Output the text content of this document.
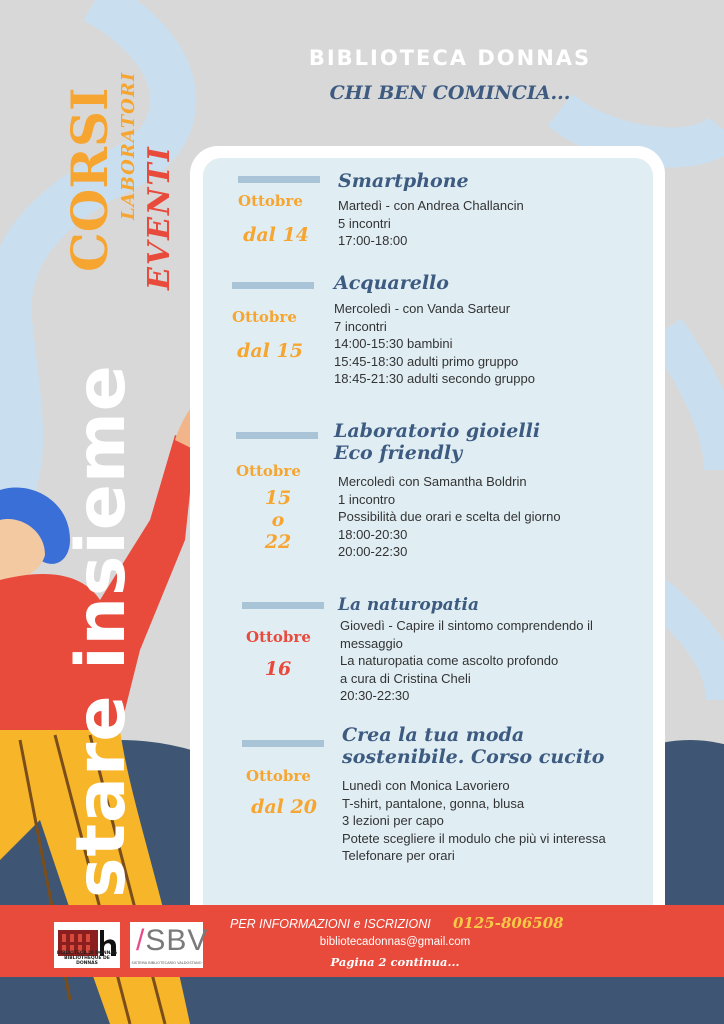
BIBLIOTECA DONNAS
CHI BEN COMINCIA...
stare insieme
CORSI LABORATORI EVENTI	Ottobre
dal 14
Smartphone
Martedì - con Andrea Challancin
5 incontri
17:00-18:00
Ottobre
dal 15
Acquarello
Mercoledì - con Vanda Sarteur
7 incontri
14:00-15:30 bambini
15:45-18:30 adulti primo gruppo
18:45-21:30 adulti secondo gruppo
Ottobre
15
o
22
Laboratorio gioielli
Eco friendly
Mercoledì con Samantha Boldrin
1 incontro
Possibilità due orari e scelta del giorno
18:00-20:30
20:00-22:30
Ottobre
16
La naturopatia
Giovedì - Capire il sintomo comprendendo il
messaggio
La naturopatia come ascolto profondo
a cura di Cristina Cheli
20:30-22:30
Ottobre
dal 20
Crea la tua moda
sostenibile. Corso cucito
Lunedì con Monica Lavoriero
T-shirt, pantalone, gonna, blusa
3 lezioni per capo
Potete scegliere il modulo che più vi interessa
Telefonare per orari
BIBLIOTECA DI DONNAS
BIBLIOTHEQUE DE DONNAS
/SBV
SISTEMA BIBLIOTECARIO VALDOSTANO
PER INFORMAZIONI e ISCRIZIONI 0125-806508
bibliotecadonnas@gmail.com
Pagina 2 continua...
